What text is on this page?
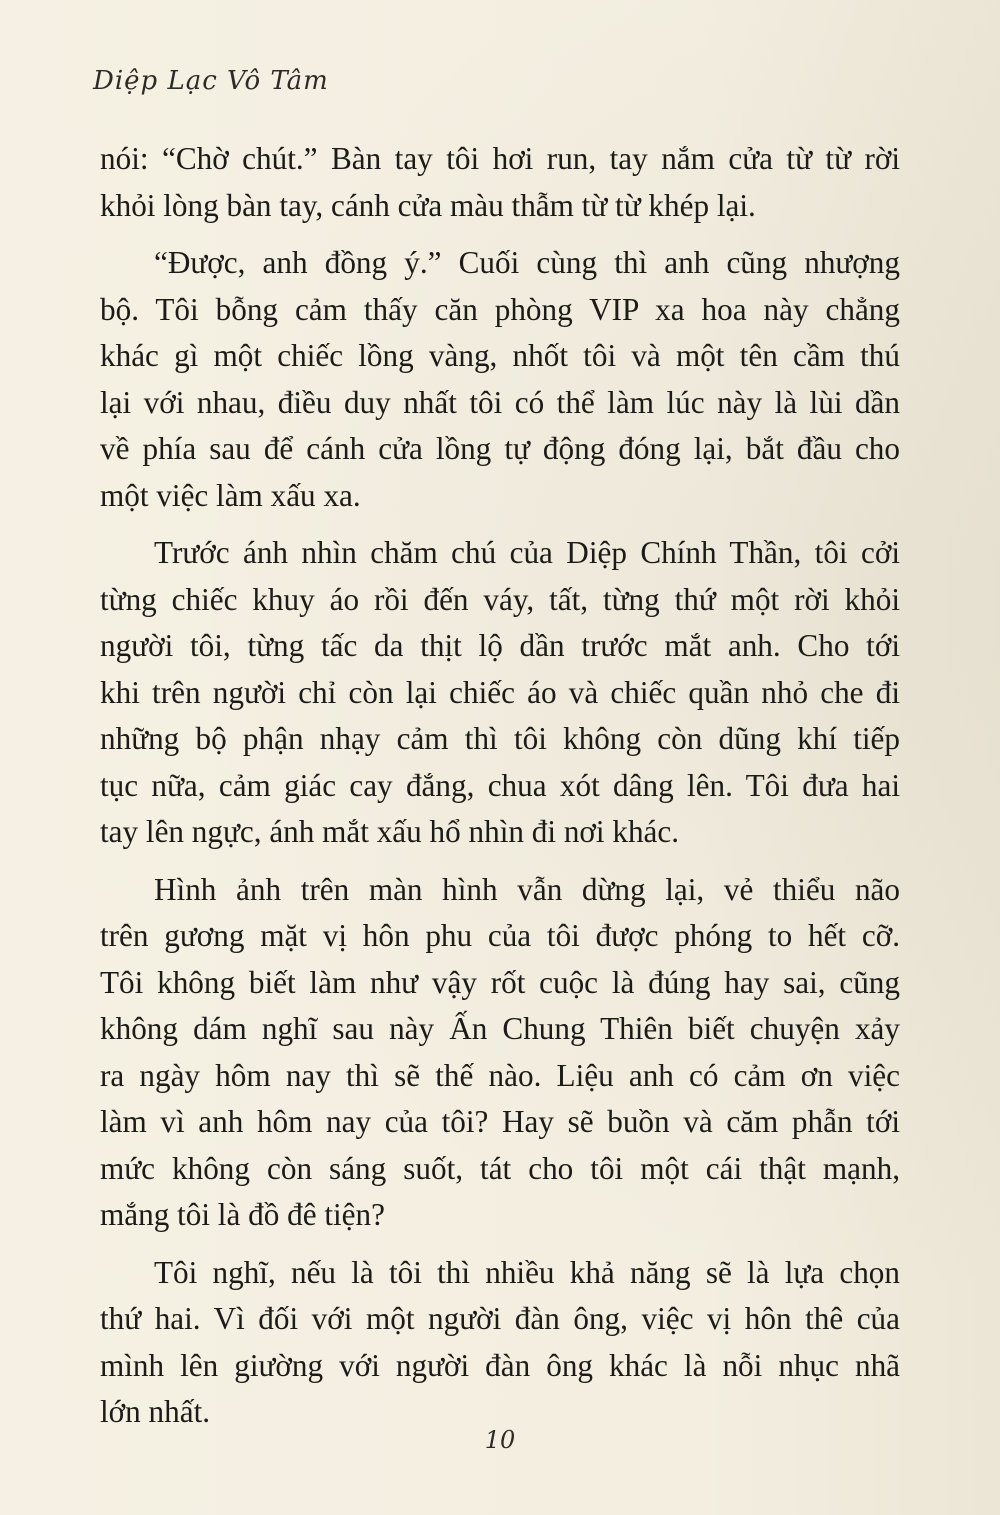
Diệp Lạc Vô Tâm
nói: “Chờ chút.” Bàn tay tôi hơi run, tay nắm cửa từ từ rời
khỏi lòng bàn tay, cánh cửa màu thẫm từ từ khép lại.
“Được, anh đồng ý.” Cuối cùng thì anh cũng nhượng
bộ. Tôi bỗng cảm thấy căn phòng VIP xa hoa này chẳng
khác gì một chiếc lồng vàng, nhốt tôi và một tên cầm thú
lại với nhau, điều duy nhất tôi có thể làm lúc này là lùi dần
về phía sau để cánh cửa lồng tự động đóng lại, bắt đầu cho
một việc làm xấu xa.
Trước ánh nhìn chăm chú của Diệp Chính Thần, tôi cởi
từng chiếc khuy áo rồi đến váy, tất, từng thứ một rời khỏi
người tôi, từng tấc da thịt lộ dần trước mắt anh. Cho tới
khi trên người chỉ còn lại chiếc áo và chiếc quần nhỏ che đi
những bộ phận nhạy cảm thì tôi không còn dũng khí tiếp
tục nữa, cảm giác cay đắng, chua xót dâng lên. Tôi đưa hai
tay lên ngực, ánh mắt xấu hổ nhìn đi nơi khác.
Hình ảnh trên màn hình vẫn dừng lại, vẻ thiểu não
trên gương mặt vị hôn phu của tôi được phóng to hết cỡ.
Tôi không biết làm như vậy rốt cuộc là đúng hay sai, cũng
không dám nghĩ sau này Ấn Chung Thiên biết chuyện xảy
ra ngày hôm nay thì sẽ thế nào. Liệu anh có cảm ơn việc
làm vì anh hôm nay của tôi? Hay sẽ buồn và căm phẫn tới
mức không còn sáng suốt, tát cho tôi một cái thật mạnh,
mắng tôi là đồ đê tiện?
Tôi nghĩ, nếu là tôi thì nhiều khả năng sẽ là lựa chọn
thứ hai. Vì đối với một người đàn ông, việc vị hôn thê của
mình lên giường với người đàn ông khác là nỗi nhục nhã
lớn nhất.
10
